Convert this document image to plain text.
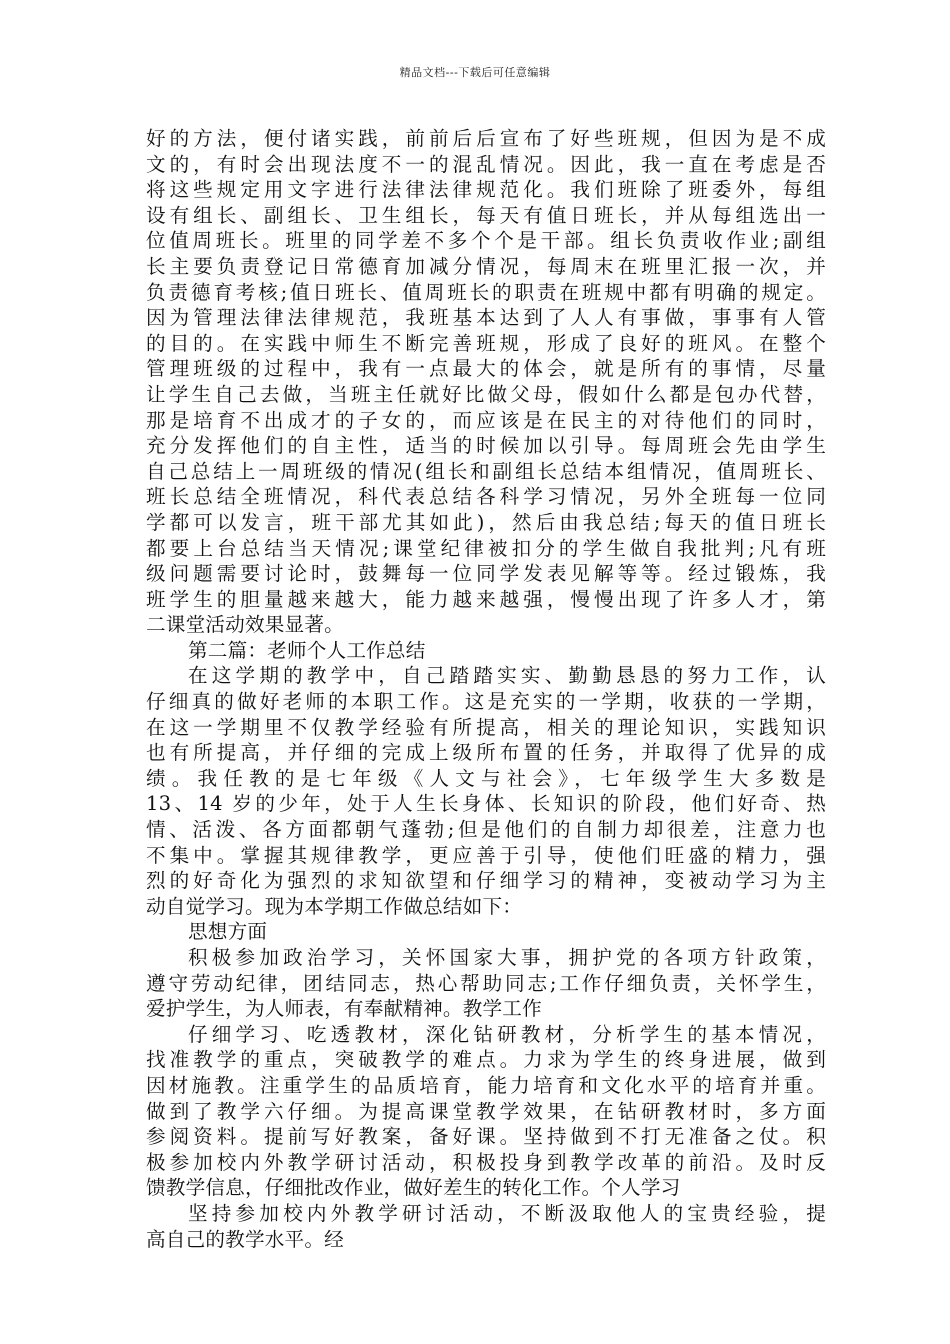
精品文档---下载后可任意编辑
好的方法，便付诸实践，前前后后宣布了好些班规，但因为是不成
文的，有时会出现法度不一的混乱情况。因此，我一直在考虑是否
将这些规定用文字进行法律法律规范化。我们班除了班委外，每组
设有组长、副组长、卫生组长，每天有值日班长，并从每组选出一
位值周班长。班里的同学差不多个个是干部。组长负责收作业;副组
长主要负责登记日常德育加减分情况，每周末在班里汇报一次，并
负责德育考核;值日班长、值周班长的职责在班规中都有明确的规定。
因为管理法律法律规范，我班基本达到了人人有事做，事事有人管
的目的。在实践中师生不断完善班规，形成了良好的班风。在整个
管理班级的过程中，我有一点最大的体会，就是所有的事情，尽量
让学生自己去做，当班主任就好比做父母，假如什么都是包办代替，
那是培育不出成才的子女的，而应该是在民主的对待他们的同时，
充分发挥他们的自主性，适当的时候加以引导。每周班会先由学生
自己总结上一周班级的情况(组长和副组长总结本组情况，值周班长、
班长总结全班情况，科代表总结各科学习情况，另外全班每一位同
学都可以发言，班干部尤其如此)，然后由我总结;每天的值日班长
都要上台总结当天情况;课堂纪律被扣分的学生做自我批判;凡有班
级问题需要讨论时，鼓舞每一位同学发表见解等等。经过锻炼，我
班学生的胆量越来越大，能力越来越强，慢慢出现了许多人才，第
二课堂活动效果显著。
第二篇：老师个人工作总结
在这学期的教学中，自己踏踏实实、勤勤恳恳的努力工作，认
仔细真的做好老师的本职工作。这是充实的一学期，收获的一学期，
在这一学期里不仅教学经验有所提高，相关的理论知识，实践知识
也有所提高，并仔细的完成上级所布置的任务，并取得了优异的成
绩。我任教的是七年级《人文与社会》，七年级学生大多数是
13、14 岁的少年，处于人生长身体、长知识的阶段，他们好奇、热
情、活泼、各方面都朝气蓬勃;但是他们的自制力却很差，注意力也
不集中。掌握其规律教学，更应善于引导，使他们旺盛的精力，强
烈的好奇化为强烈的求知欲望和仔细学习的精神，变被动学习为主
动自觉学习。现为本学期工作做总结如下：
思想方面
积极参加政治学习，关怀国家大事，拥护党的各项方针政策，
遵守劳动纪律，团结同志，热心帮助同志;工作仔细负责，关怀学生，
爱护学生，为人师表，有奉献精神。教学工作
仔细学习、吃透教材，深化钻研教材，分析学生的基本情况，
找准教学的重点，突破教学的难点。力求为学生的终身进展，做到
因材施教。注重学生的品质培育，能力培育和文化水平的培育并重。
做到了教学六仔细。为提高课堂教学效果，在钻研教材时，多方面
参阅资料。提前写好教案，备好课。坚持做到不打无准备之仗。积
极参加校内外教学研讨活动，积极投身到教学改革的前沿。及时反
馈教学信息，仔细批改作业，做好差生的转化工作。个人学习
坚持参加校内外教学研讨活动，不断汲取他人的宝贵经验，提
高自己的教学水平。经
